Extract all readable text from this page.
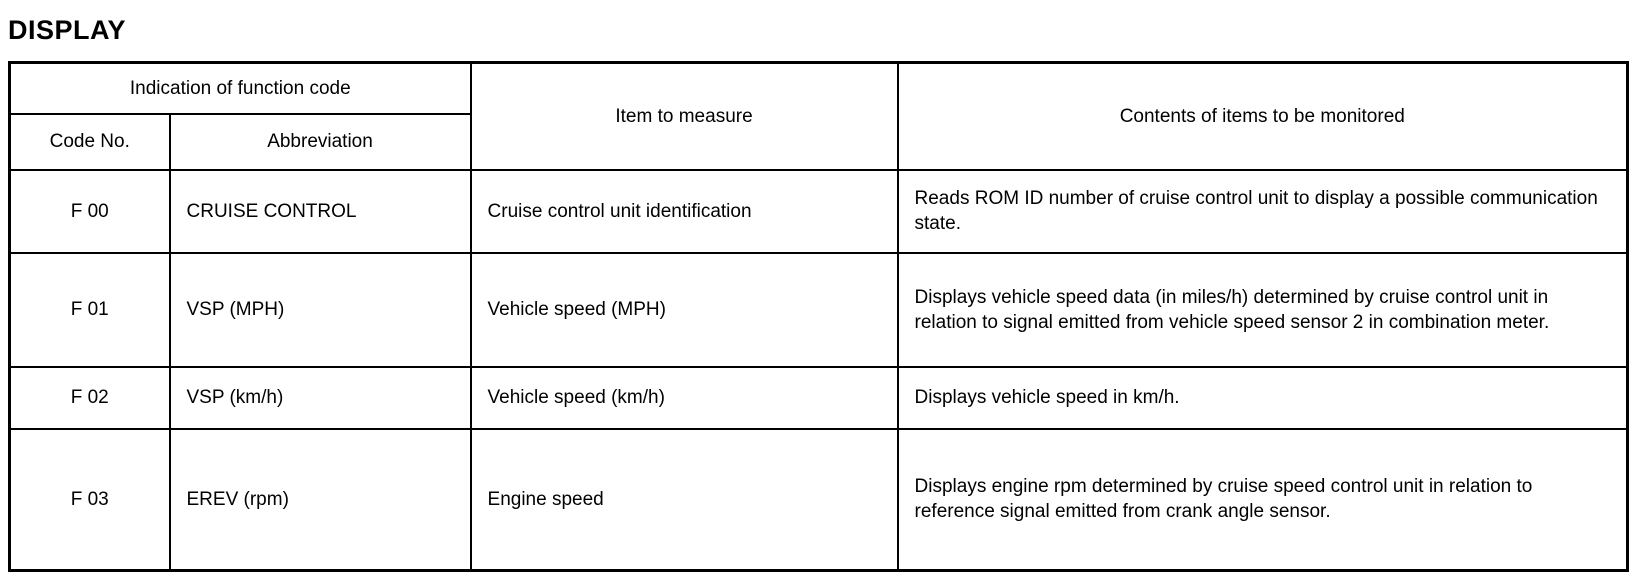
DISPLAY
Indication of function code		Item to measure	Contents of items to be monitored
Code No.	Abbreviation		
F 00	CRUISE CONTROL	Cruise control unit identification	Reads ROM ID number of cruise control unit to display a possible communication state.
F 01	VSP (MPH)	Vehicle speed (MPH)	Displays vehicle speed data (in miles/h) determined by cruise control unit in relation to signal emitted from vehicle speed sensor 2 in combination meter.
F 02	VSP (km/h)	Vehicle speed (km/h)	Displays vehicle speed in km/h.
F 03	EREV (rpm)	Engine speed	Displays engine rpm determined by cruise speed control unit in relation to reference signal emitted from crank angle sensor.
